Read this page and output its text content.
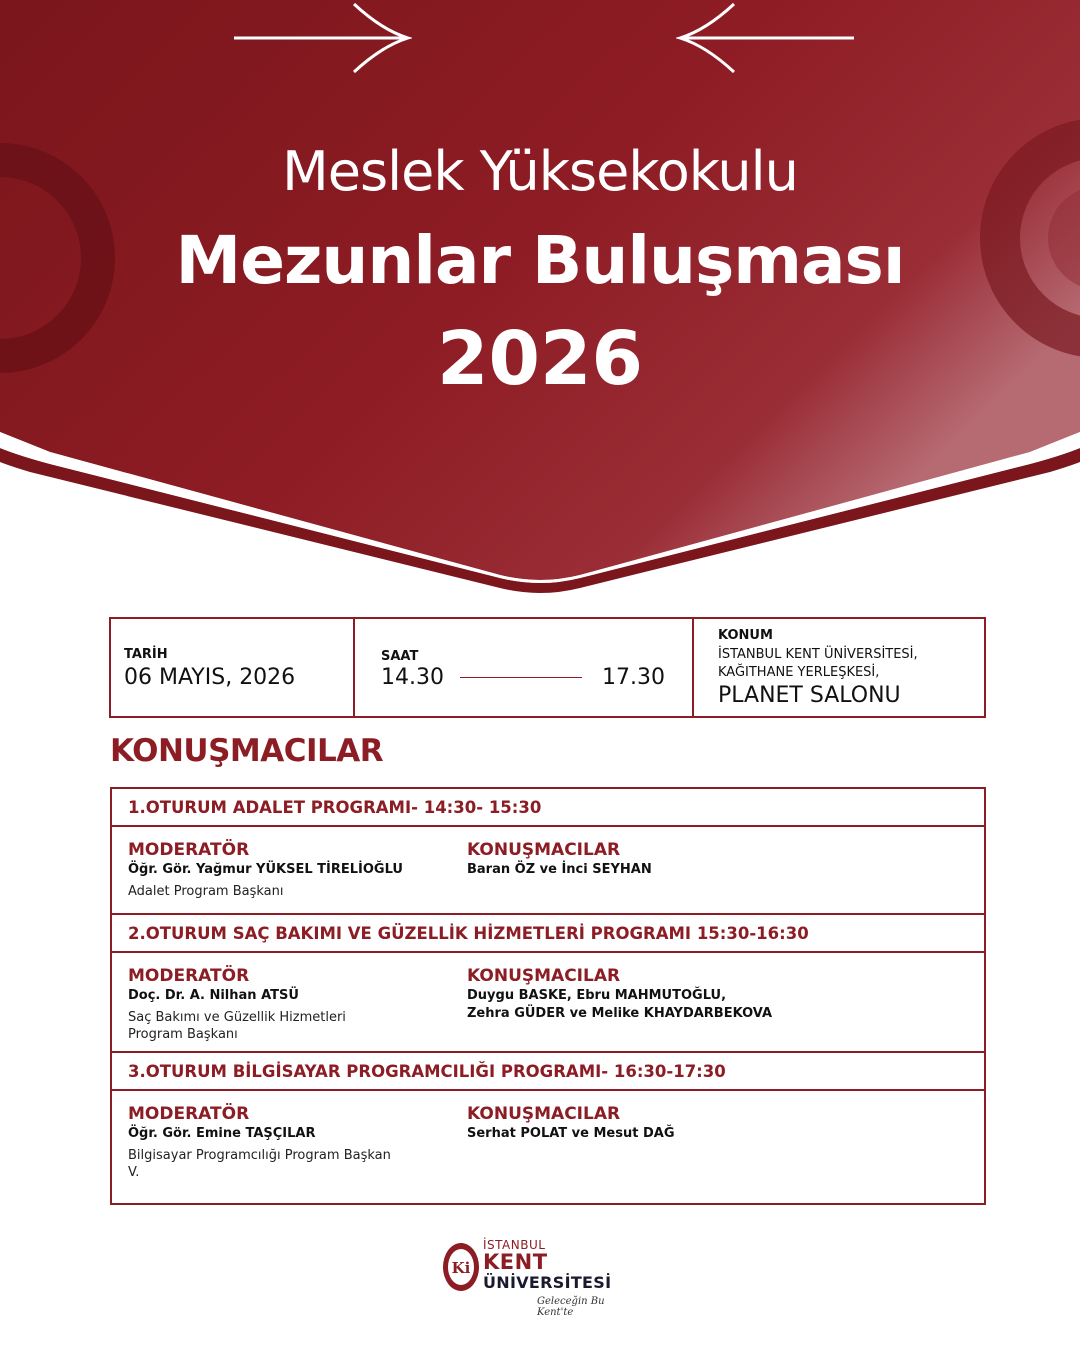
Meslek Yüksekokulu
Mezunlar Buluşması
2026
TARİH
06 MAYIS, 2026
SAAT
14.30	17.30
KONUM
İSTANBUL KENT ÜNİVERSİTESİ,
KAĞITHANE YERLEŞKESİ,
PLANET SALONU
KONUŞMACILAR
1.OTURUM ADALET PROGRAMI- 14:30- 15:30
MODERATÖR
Öğr. Gör. Yağmur YÜKSEL TİRELİOĞLU
Adalet Program Başkanı
KONUŞMACILAR
Baran ÖZ ve İnci SEYHAN
2.OTURUM SAÇ BAKIMI VE GÜZELLİK HİZMETLERİ PROGRAMI 15:30-16:30
MODERATÖR
Doç. Dr. A. Nilhan ATSÜ
Saç Bakımı ve Güzellik Hizmetleri Program Başkanı
KONUŞMACILAR
Duygu BASKE, Ebru MAHMUTOĞLU,
Zehra GÜDER ve Melike KHAYDARBEKOVA
3.OTURUM BİLGİSAYAR PROGRAMCILIĞI PROGRAMI- 16:30-17:30
MODERATÖR
Öğr. Gör. Emine TAŞÇILAR
Bilgisayar Programcılığı Program Başkan V.
KONUŞMACILAR
Serhat POLAT ve Mesut DAĞ
Ki
İSTANBUL
KENT
ÜNİVERSİTESİ
Geleceğin Bu Kent'te
